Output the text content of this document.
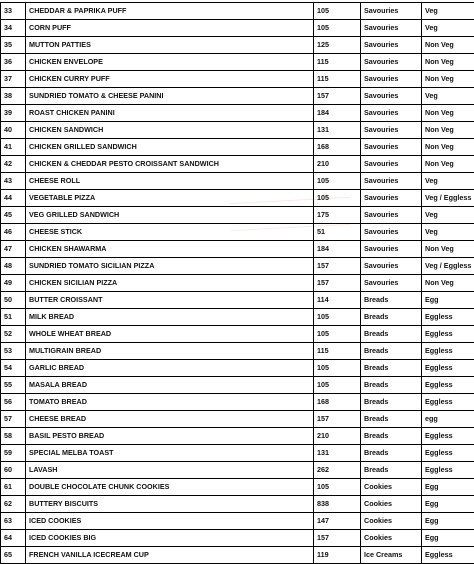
33	CHEDDAR & PAPRIKA PUFF	105	Savouries	Veg
34	CORN PUFF	105	Savouries	Veg
35	MUTTON PATTIES	125	Savouries	Non Veg
36	CHICKEN ENVELOPE	115	Savouries	Non Veg
37	CHICKEN CURRY PUFF	115	Savouries	Non Veg
38	SUNDRIED TOMATO & CHEESE PANINI	157	Savouries	Veg
39	ROAST CHICKEN PANINI	184	Savouries	Non Veg
40	CHICKEN SANDWICH	131	Savouries	Non Veg
41	CHICKEN GRILLED SANDWICH	168	Savouries	Non Veg
42	CHICKEN & CHEDDAR PESTO CROISSANT SANDWICH	210	Savouries	Non Veg
43	CHEESE ROLL	105	Savouries	Veg
44	VEGETABLE PIZZA	105	Savouries	Veg / Eggless
45	VEG GRILLED SANDWICH	175	Savouries	Veg
46	CHEESE STICK	51	Savouries	Veg
47	CHICKEN SHAWARMA	184	Savouries	Non Veg
48	SUNDRIED TOMATO SICILIAN PIZZA	157	Savouries	Veg / Eggless
49	CHICKEN SICILIAN PIZZA	157	Savouries	Non Veg
50	BUTTER CROISSANT	114	Breads	Egg
51	MILK BREAD	105	Breads	Eggless
52	WHOLE WHEAT BREAD	105	Breads	Eggless
53	MULTIGRAIN BREAD	115	Breads	Eggless
54	GARLIC BREAD	105	Breads	Eggless
55	MASALA BREAD	105	Breads	Eggless
56	TOMATO BREAD	168	Breads	Eggless
57	CHEESE BREAD	157	Breads	egg
58	BASIL PESTO BREAD	210	Breads	Eggless
59	SPECIAL MELBA TOAST	131	Breads	Eggless
60	LAVASH	262	Breads	Eggless
61	DOUBLE CHOCOLATE CHUNK COOKIES	105	Cookies	Egg
62	BUTTERY BISCUITS	838	Cookies	Egg
63	ICED COOKIES	147	Cookies	Egg
64	ICED COOKIES BIG	157	Cookies	Egg
65	FRENCH VANILLA ICECREAM CUP	119	Ice Creams	Eggless
